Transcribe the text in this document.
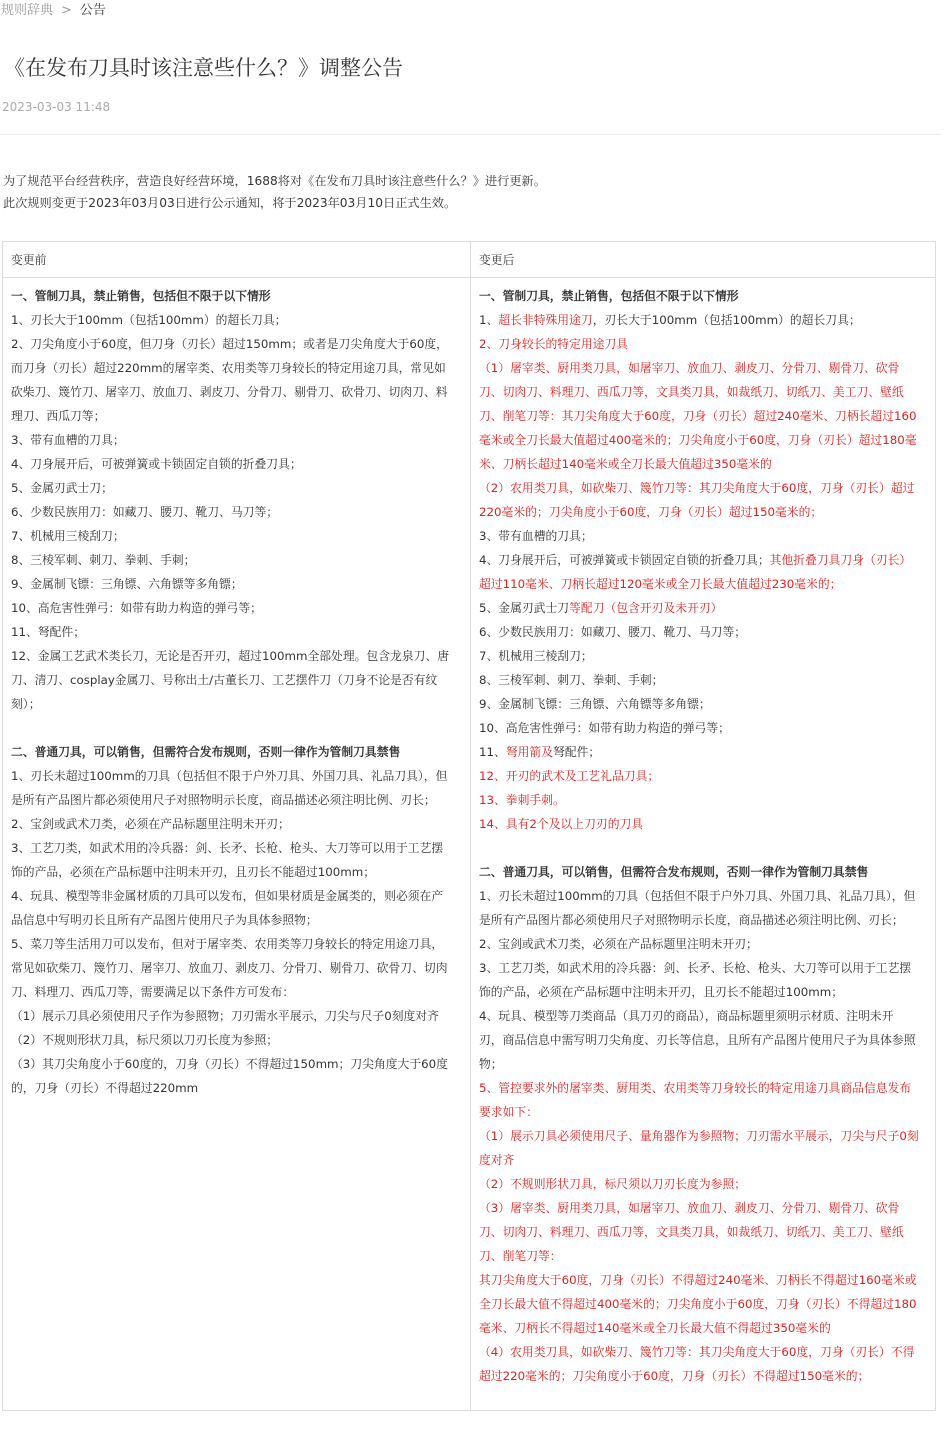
规则辞典 > 公告
《在发布刀具时该注意些什么？》调整公告
2023-03-03 11:48

为了规范平台经营秩序，营造良好经营环境，1688将对《在发布刀具时该注意些什么？》进行更新。

此次规则变更于2023年03月03日进行公示通知，将于2023年03月10日正式生效。

变更前	变更后
一、管制刀具，禁止销售，包括但不限于以下情形
1、刃长大于100mm（包括100mm）的超长刀具；
2、刀尖角度小于60度，但刀身（刃长）超过150mm；或者是刀尖角度大于60度，
而刀身（刃长）超过220mm的屠宰类、农用类等刀身较长的特定用途刀具，常见如
砍柴刀、篾竹刀、屠宰刀、放血刀、剥皮刀、分骨刀、剔骨刀、砍骨刀、切肉刀、料
理刀、西瓜刀等；
3、带有血槽的刀具；
4、刀身展开后，可被弹簧或卡锁固定自锁的折叠刀具；
5、金属刃武士刀；
6、少数民族用刀：如藏刀、腰刀、靴刀、马刀等；
7、机械用三棱刮刀；
8、三棱军刺、刺刀、拳刺、手刺；
9、金属制飞镖：三角镖、六角镖等多角镖；
10、高危害性弹弓：如带有助力构造的弹弓等；
11、弩配件；
12、金属工艺武术类长刀，无论是否开刃，超过100mm全部处理。包含龙泉刀、唐
刀、清刀、cosplay金属刀、号称出土/古董长刀、工艺摆件刀（刀身不论是否有纹
刻）；
二、普通刀具，可以销售，但需符合发布规则，否则一律作为管制刀具禁售
1、刃长未超过100mm的刀具（包括但不限于户外刀具、外国刀具、礼品刀具），但
是所有产品图片都必须使用尺子对照物明示长度，商品描述必须注明比例、刃长；
2、宝剑或武术刀类，必须在产品标题里注明未开刃；
3、工艺刀类，如武术用的冷兵器：剑、长矛、长枪、枪头、大刀等可以用于工艺摆
饰的产品，必须在产品标题中注明未开刃，且刃长不能超过100mm；
4、玩具、模型等非金属材质的刀具可以发布，但如果材质是金属类的，则必须在产
品信息中写明刃长且所有产品图片使用尺子为具体参照物；
5、菜刀等生活用刀可以发布，但对于屠宰类、农用类等刀身较长的特定用途刀具，
常见如砍柴刀、篾竹刀、屠宰刀、放血刀、剥皮刀、分骨刀、剔骨刀、砍骨刀、切肉
刀、料理刀、西瓜刀等，需要满足以下条件方可发布：
（1）展示刀具必须使用尺子作为参照物；刀刃需水平展示，刀尖与尺子0刻度对齐
（2）不规则形状刀具，标尺须以刀刃长度为参照；
（3）其刀尖角度小于60度的，刀身（刃长）不得超过150mm；刀尖角度大于60度
的，刀身（刃长）不得超过220mm
一、管制刀具，禁止销售，包括但不限于以下情形
1、超长非特殊用途刀，刃长大于100mm（包括100mm）的超长刀具；
2、刀身较长的特定用途刀具
（1）屠宰类、厨用类刀具，如屠宰刀、放血刀、剥皮刀、分骨刀、剔骨刀、砍骨
刀、切肉刀、料理刀、西瓜刀等，文具类刀具，如裁纸刀、切纸刀、美工刀、壁纸
刀、削笔刀等：其刀尖角度大于60度，刀身（刃长）超过240毫米、刀柄长超过160
毫米或全刀长最大值超过400毫米的；刀尖角度小于60度，刀身（刃长）超过180毫
米、刀柄长超过140毫米或全刀长最大值超过350毫米的
（2）农用类刀具，如砍柴刀、篾竹刀等：其刀尖角度大于60度，刀身（刃长）超过
220毫米的；刀尖角度小于60度，刀身（刃长）超过150毫米的；
3、带有血槽的刀具；
4、刀身展开后，可被弹簧或卡锁固定自锁的折叠刀具；其他折叠刀具刀身（刃长）
超过110毫米、刀柄长超过120毫米或全刀长最大值超过230毫米的；
5、金属刃武士刀等配刀（包含开刃及未开刃）
6、少数民族用刀：如藏刀、腰刀、靴刀、马刀等；
7、机械用三棱刮刀；
8、三棱军刺、刺刀、拳刺、手刺；
9、金属制飞镖：三角镖、六角镖等多角镖；
10、高危害性弹弓：如带有助力构造的弹弓等；
11、弩用箭及弩配件；
12、开刃的武术及工艺礼品刀具；
13、拳刺手刺。
14、具有2个及以上刀刃的刀具
二、普通刀具，可以销售，但需符合发布规则，否则一律作为管制刀具禁售
1、刃长未超过100mm的刀具（包括但不限于户外刀具、外国刀具、礼品刀具），但
是所有产品图片都必须使用尺子对照物明示长度，商品描述必须注明比例、刃长；
2、宝剑或武术刀类，必须在产品标题里注明未开刃；
3、工艺刀类，如武术用的冷兵器：剑、长矛、长枪、枪头、大刀等可以用于工艺摆
饰的产品，必须在产品标题中注明未开刃，且刃长不能超过100mm；
4、玩具、模型等刀类商品（具刀刃的商品），商品标题里须明示材质、注明未开
刃，商品信息中需写明刀尖角度、刃长等信息，且所有产品图片使用尺子为具体参照
物；
5、管控要求外的屠宰类、厨用类、农用类等刀身较长的特定用途刀具商品信息发布
要求如下：
（1）展示刀具必须使用尺子、量角器作为参照物；刀刃需水平展示，刀尖与尺子0刻
度对齐
（2）不规则形状刀具，标尺须以刀刃长度为参照；
（3）屠宰类、厨用类刀具，如屠宰刀、放血刀、剥皮刀、分骨刀、剔骨刀、砍骨
刀、切肉刀、料理刀、西瓜刀等，文具类刀具，如裁纸刀、切纸刀、美工刀、壁纸
刀、削笔刀等：
其刀尖角度大于60度，刀身（刃长）不得超过240毫米、刀柄长不得超过160毫米或
全刀长最大值不得超过400毫米的；刀尖角度小于60度，刀身（刃长）不得超过180
毫米、刀柄长不得超过140毫米或全刀长最大值不得超过350毫米的
（4）农用类刀具，如砍柴刀、篾竹刀等：其刀尖角度大于60度，刀身（刃长）不得
超过220毫米的；刀尖角度小于60度，刀身（刃长）不得超过150毫米的；
